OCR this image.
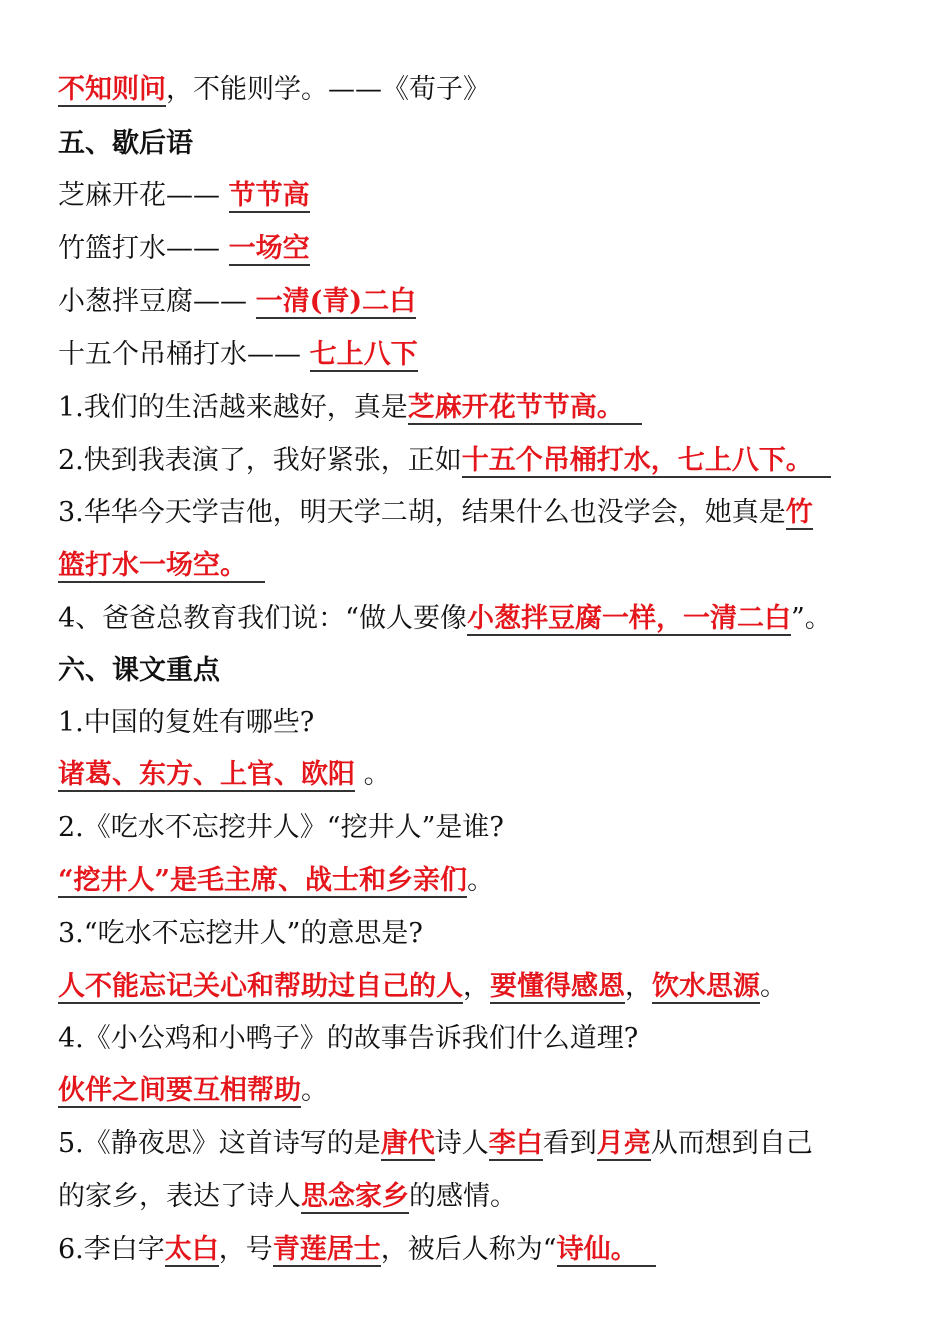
不知则问，不能则学。——《荀子》
五、歇后语
芝麻开花—— 节节高
竹篮打水—— 一场空
小葱拌豆腐—— 一清(青)二白
十五个吊桶打水—— 七上八下
1.我们的生活越来越好，真是芝麻开花节节高。
2.快到我表演了，我好紧张，正如十五个吊桶打水，七上八下。
3.华华今天学吉他，明天学二胡，结果什么也没学会，她真是竹
篮打水一场空。
4、爸爸总教育我们说：“做人要像小葱拌豆腐一样，一清二白”。
六、课文重点
1.中国的复姓有哪些?
诸葛、东方、上官、欧阳 。
2.《吃水不忘挖井人》“挖井人”是谁?
“挖井人”是毛主席、战士和乡亲们。
3.“吃水不忘挖井人”的意思是?
人不能忘记关心和帮助过自己的人，要懂得感恩，饮水思源。
4.《小公鸡和小鸭子》的故事告诉我们什么道理?
伙伴之间要互相帮助。
5.《静夜思》这首诗写的是唐代诗人李白看到月亮从而想到自己
的家乡，表达了诗人思念家乡的感情。
6.李白字太白，号青莲居士，被后人称为“诗仙。
